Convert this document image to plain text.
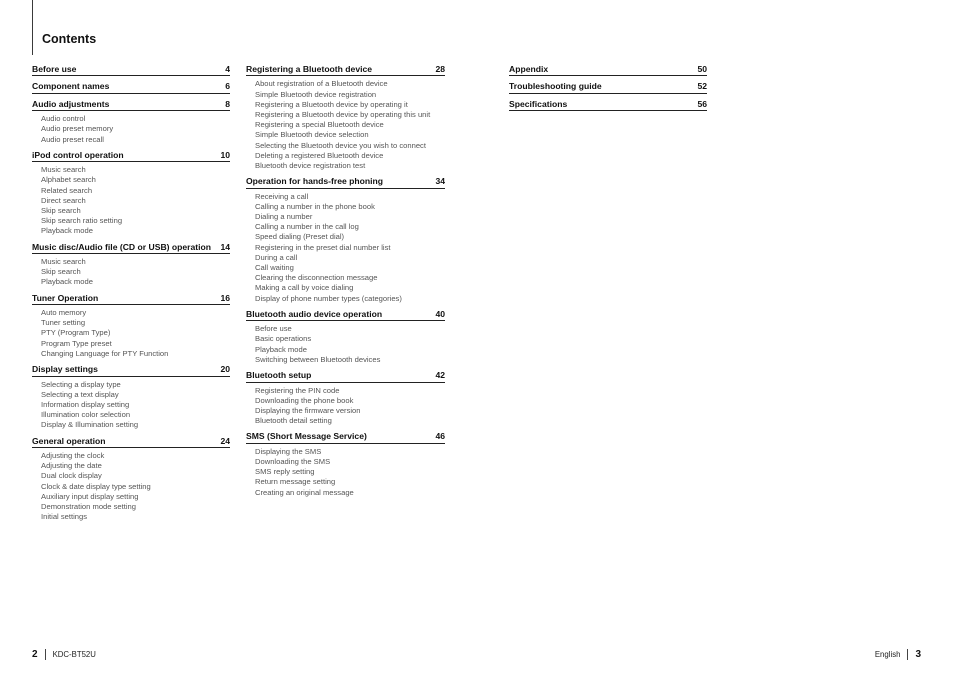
Contents
Before use	4
Component names	6
Audio adjustments	8
Audio control
Audio preset memory
Audio preset recall
iPod control operation	10
Music search
Alphabet search
Related search
Direct search
Skip search
Skip search ratio setting
Playback mode
Music disc/Audio file (CD or USB) operation	14
Music search
Skip search
Playback mode
Tuner Operation	16
Auto memory
Tuner setting
PTY (Program Type)
Program Type preset
Changing Language for PTY Function
Display settings	20
Selecting a display type
Selecting a text display
Information display setting
Illumination color selection
Display & Illumination setting
General operation	24
Adjusting the clock
Adjusting the date
Dual clock display
Clock & date display type setting
Auxiliary input display setting
Demonstration mode setting
Initial settings
Registering a Bluetooth device	28
About registration of a Bluetooth device
Simple Bluetooth device registration
Registering a Bluetooth device by operating it
Registering a Bluetooth device by operating this unit
Registering a special Bluetooth device
Simple Bluetooth device selection
Selecting the Bluetooth device you wish to connect
Deleting a registered Bluetooth device
Bluetooth device registration test
Operation for hands-free phoning	34
Receiving a call
Calling a number in the phone book
Dialing a number
Calling a number in the call log
Speed dialing (Preset dial)
Registering in the preset dial number list
During a call
Call waiting
Clearing the disconnection message
Making a call by voice dialing
Display of phone number types (categories)
Bluetooth audio device operation	40
Before use
Basic operations
Playback mode
Switching between Bluetooth devices
Bluetooth setup	42
Registering the PIN code
Downloading the phone book
Displaying the firmware version
Bluetooth detail setting
SMS (Short Message Service)	46
Displaying the SMS
Downloading the SMS
SMS reply setting
Return message setting
Creating an original message
Appendix	50
Troubleshooting guide	52
Specifications	56
2 KDC-BT52U	English 3
